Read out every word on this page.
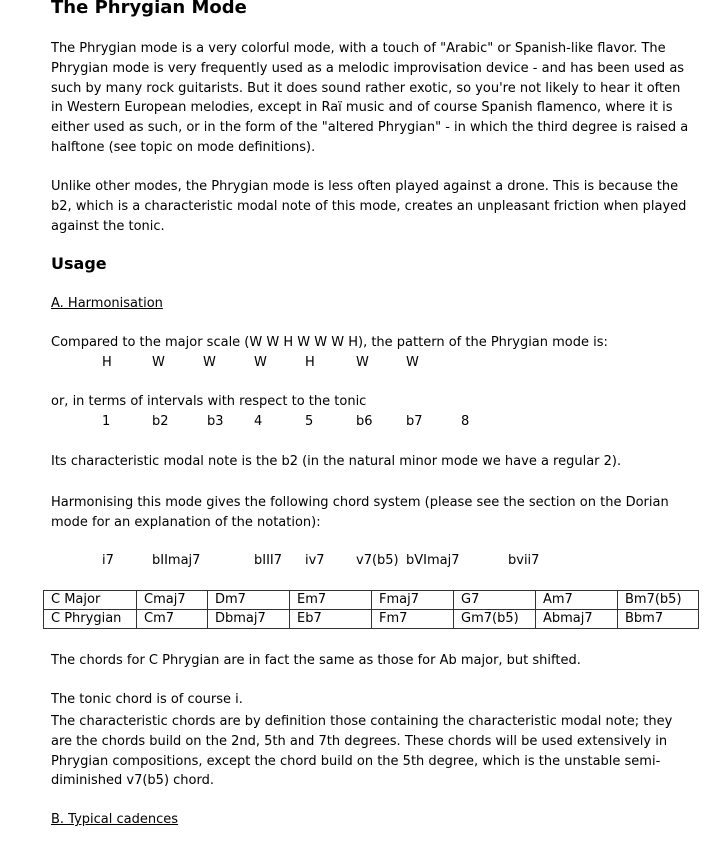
The Phrygian Mode
The Phrygian mode is a very colorful mode, with a touch of "Arabic" or Spanish-like flavor. The Phrygian mode is very frequently used as a melodic improvisation device - and has been used as such by many rock guitarists. But it does sound rather exotic, so you're not likely to hear it often in Western European melodies, except in Raï music and of course Spanish flamenco, where it is either used as such, or in the form of the "altered Phrygian" - in which the third degree is raised a halftone (see topic on mode definitions).
Unlike other modes, the Phrygian mode is less often played against a drone. This is because the b2, which is a characteristic modal note of this mode, creates an unpleasant friction when played against the tonic.
Usage
A. Harmonisation
Compared to the major scale (W W H W W W H), the pattern of the Phrygian mode is:
H	W	W	W	H	W	W
or, in terms of intervals with respect to the tonic
1	b2	b3 4	5	b6	b7	8
Its characteristic modal note is the b2 (in the natural minor mode we have a regular 2).
Harmonising this mode gives the following chord system (please see the section on the Dorian mode for an explanation of the notation):
i7	bIImaj7	bIII7 iv7 v7(b5) bVImaj7	bvii7
C Major	Cmaj7	Dm7	Em7	Fmaj7	G7	Am7	Bm7(b5)
C Phrygian	Cm7	Dbmaj7	Eb7	Fm7	Gm7(b5)	Abmaj7	Bbm7
The chords for C Phrygian are in fact the same as those for Ab major, but shifted.
The tonic chord is of course i.
The characteristic chords are by definition those containing the characteristic modal note; they are the chords build on the 2nd, 5th and 7th degrees. These chords will be used extensively in Phrygian compositions, except the chord build on the 5th degree, which is the unstable semi-diminished v7(b5) chord.
B. Typical cadences
